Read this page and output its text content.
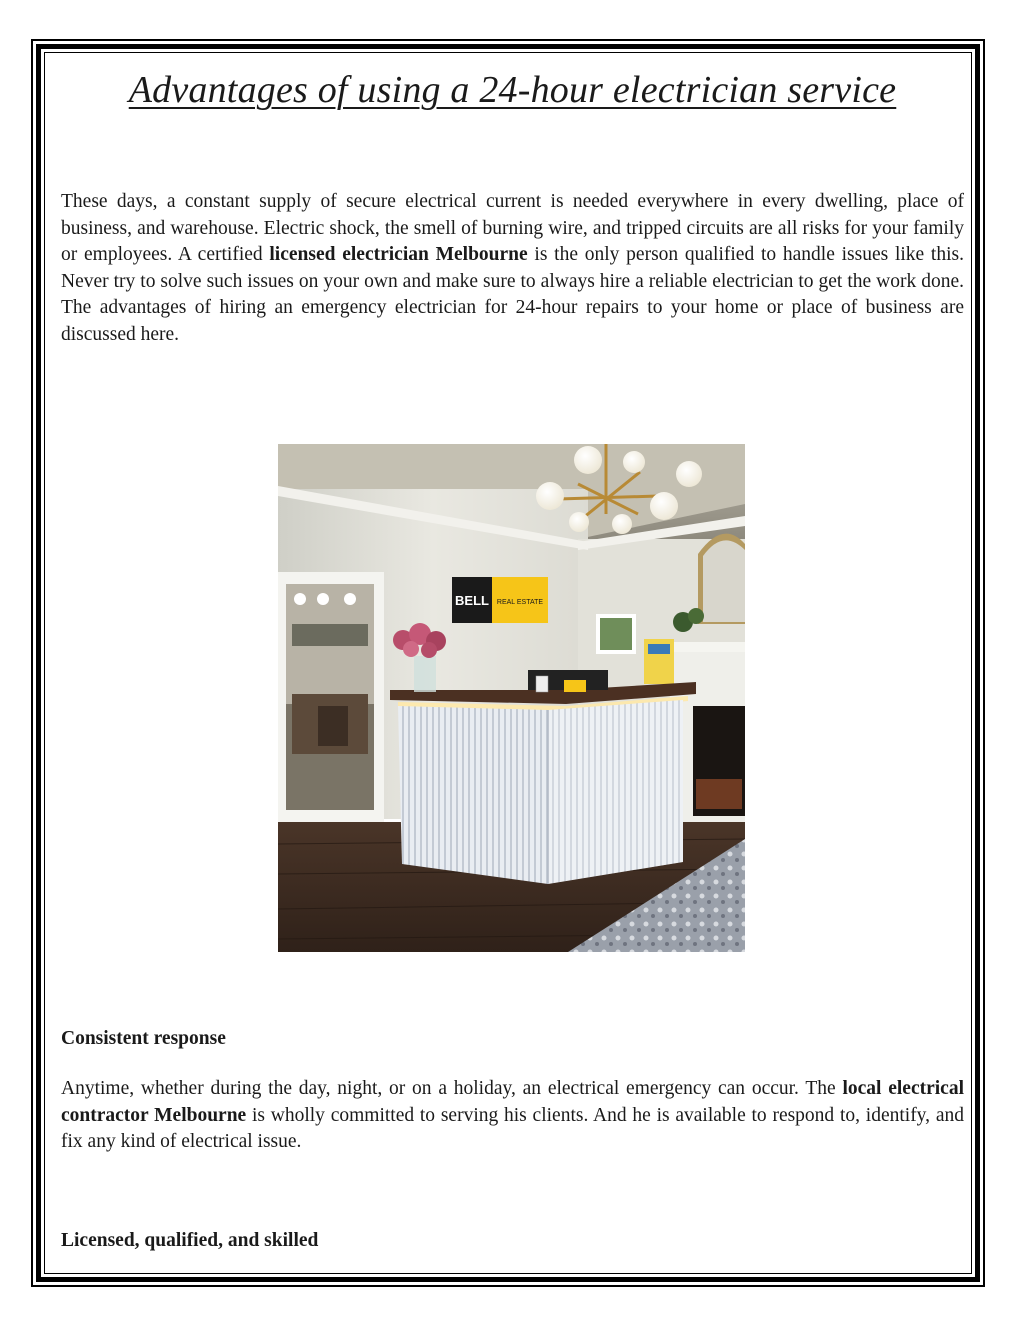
Advantages of using a 24-hour electrician service

These days, a constant supply of secure electrical current is needed everywhere in every dwelling, place of business, and warehouse. Electric shock, the smell of burning wire, and tripped circuits are all risks for your family or employees. A certified licensed electrician Melbourne is the only person qualified to handle issues like this. Never try to solve such issues on your own and make sure to always hire a reliable electrician to get the work done. The advantages of hiring an emergency electrician for 24-hour repairs to your home or place of business are discussed here.

BELL REAL ESTATE
Consistent response

Anytime, whether during the day, night, or on a holiday, an electrical emergency can occur. The local electrical contractor Melbourne is wholly committed to serving his clients. And he is available to respond to, identify, and fix any kind of electrical issue.

Licensed, qualified, and skilled
